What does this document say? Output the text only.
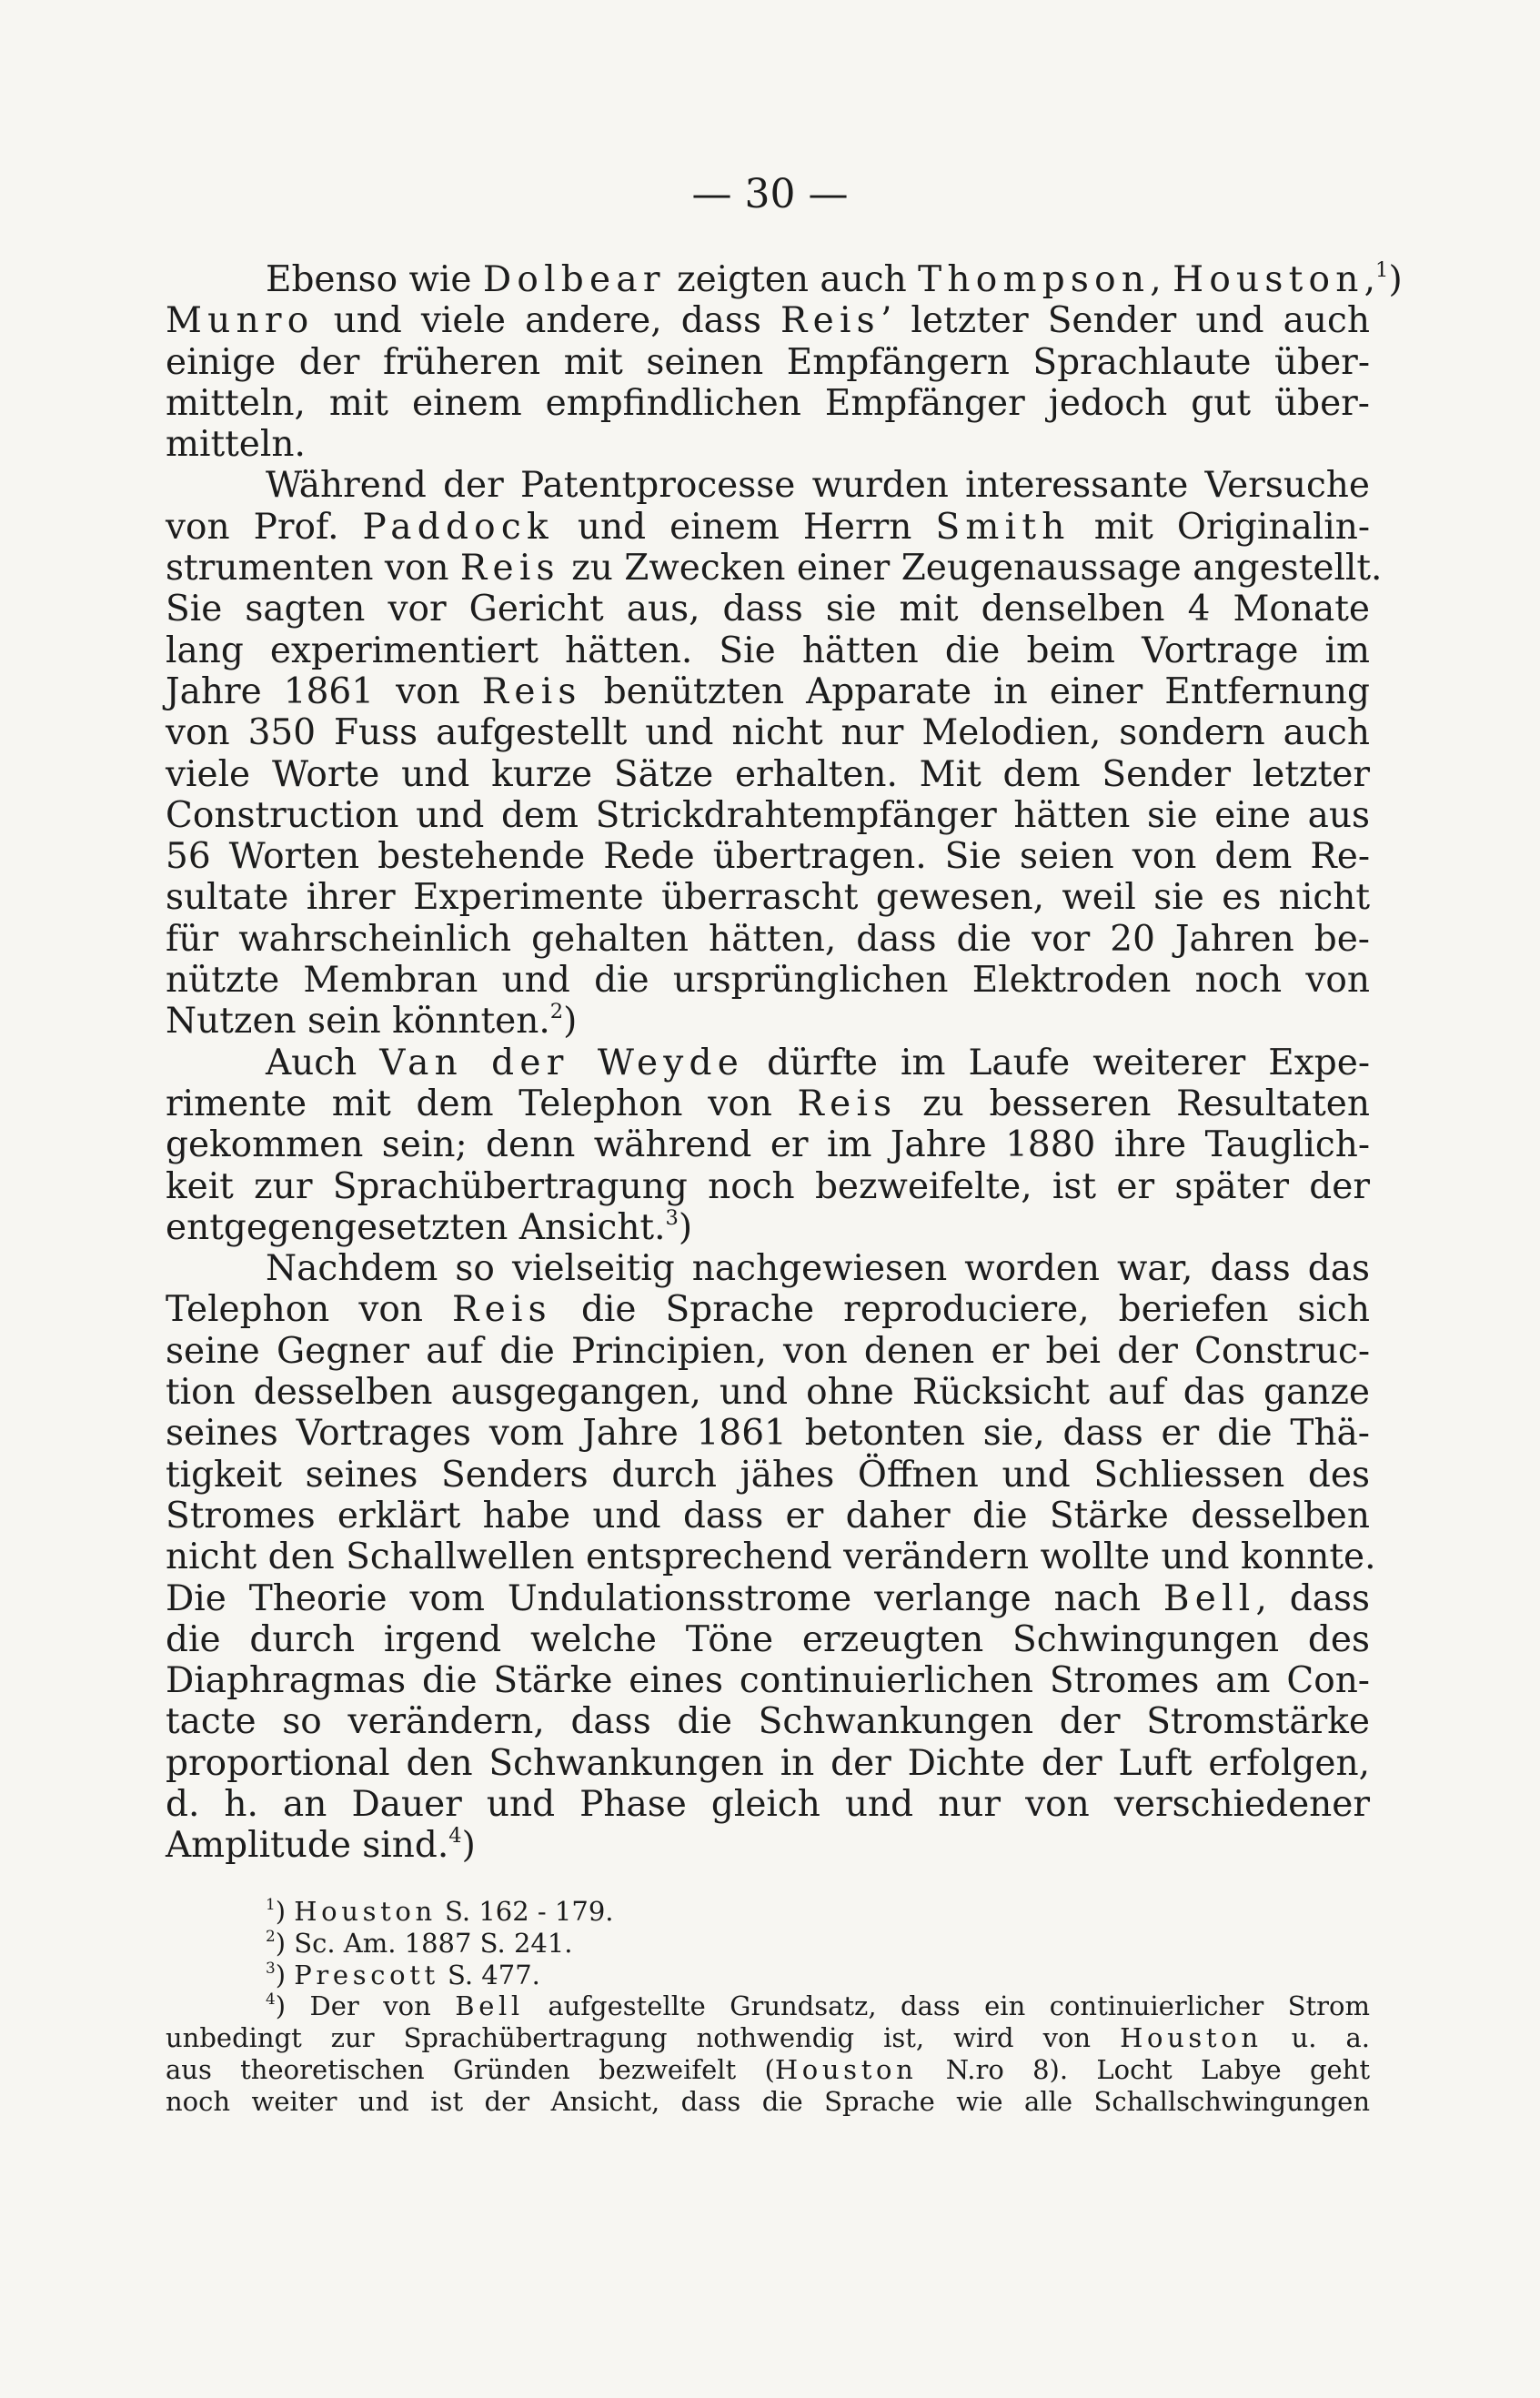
— 30 —
Ebenso wie Dolbear zeigten auch Thompson, Houston,$^1$)
Munro und viele andere, dass Reis’ letzter Sender und auch
einige der früheren mit seinen Empfängern Sprachlaute über-
mitteln, mit einem empfindlichen Empfänger jedoch gut über-
mitteln.
Während der Patentprocesse wurden interessante Versuche
von Prof. Paddock und einem Herrn Smith mit Originalin-
strumenten von Reis zu Zwecken einer Zeugenaussage angestellt.
Sie sagten vor Gericht aus, dass sie mit denselben 4 Monate
lang experimentiert hätten. Sie hätten die beim Vortrage im
Jahre 1861 von Reis benützten Apparate in einer Entfernung
von 350 Fuss aufgestellt und nicht nur Melodien, sondern auch
viele Worte und kurze Sätze erhalten. Mit dem Sender letzter
Construction und dem Strickdrahtempfänger hätten sie eine aus
56 Worten bestehende Rede übertragen. Sie seien von dem Re-
sultate ihrer Experimente überrascht gewesen, weil sie es nicht
für wahrscheinlich gehalten hätten, dass die vor 20 Jahren be-
nützte Membran und die ursprünglichen Elektroden noch von
Nutzen sein könnten.$^2$)
Auch Van der Weyde dürfte im Laufe weiterer Expe-
rimente mit dem Telephon von Reis zu besseren Resultaten
gekommen sein; denn während er im Jahre 1880 ihre Tauglich-
keit zur Sprachübertragung noch bezweifelte, ist er später der
entgegengesetzten Ansicht.$^3$)
Nachdem so vielseitig nachgewiesen worden war, dass das
Telephon von Reis die Sprache reproduciere, beriefen sich
seine Gegner auf die Principien, von denen er bei der Construc-
tion desselben ausgegangen, und ohne Rücksicht auf das ganze
seines Vortrages vom Jahre 1861 betonten sie, dass er die Thä-
tigkeit seines Senders durch jähes Öffnen und Schliessen des
Stromes erklärt habe und dass er daher die Stärke desselben
nicht den Schallwellen entsprechend verändern wollte und konnte.
Die Theorie vom Undulationsstrome verlange nach Bell, dass
die durch irgend welche Töne erzeugten Schwingungen des
Diaphragmas die Stärke eines continuierlichen Stromes am Con-
tacte so verändern, dass die Schwankungen der Stromstärke
proportional den Schwankungen in der Dichte der Luft erfolgen,
d. h. an Dauer und Phase gleich und nur von verschiedener
Amplitude sind.$^4$)
$^1$) Houston S. 162 - 179.
$^2$) Sc. Am. 1887 S. 241.
$^3$) Prescott S. 477.
$^4$) Der von Bell aufgestellte Grundsatz, dass ein continuierlicher Strom
unbedingt zur Sprachübertragung nothwendig ist, wird von Houston u. a.
aus theoretischen Gründen bezweifelt (Houston N.ro 8). Locht Labye geht
noch weiter und ist der Ansicht, dass die Sprache wie alle Schallschwingungen
